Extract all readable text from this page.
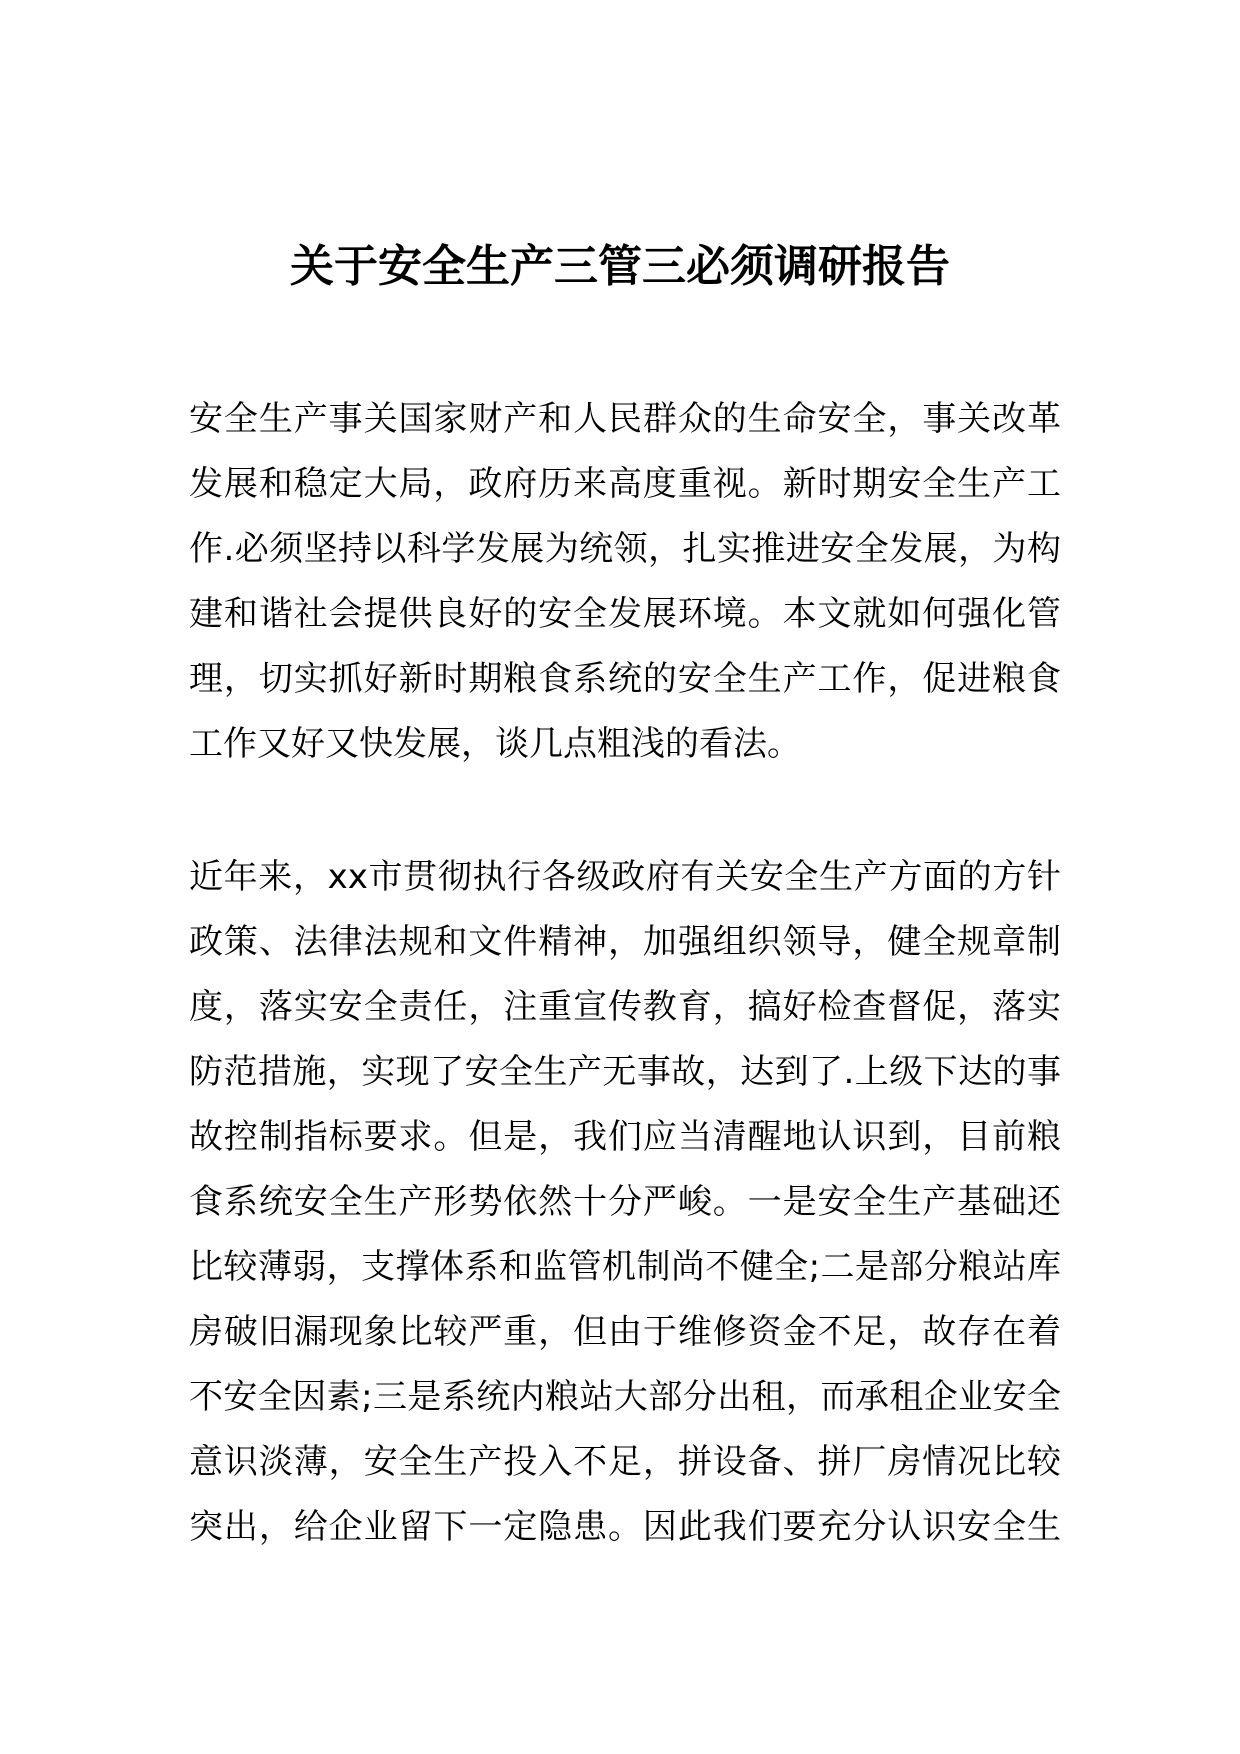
关于安全生产三管三必须调研报告
安全生产事关国家财产和人民群众的生命安全，事关改革
发展和稳定大局，政府历来高度重视。新时期安全生产工
作.必须坚持以科学发展为统领，扎实推进安全发展，为构
建和谐社会提供良好的安全发展环境。本文就如何强化管
理，切实抓好新时期粮食系统的安全生产工作，促进粮食
工作又好又快发展，谈几点粗浅的看法。
近年来，xx市贯彻执行各级政府有关安全生产方面的方针
政策、法律法规和文件精神，加强组织领导，健全规章制
度，落实安全责任，注重宣传教育，搞好检查督促，落实
防范措施，实现了安全生产无事故，达到了.上级下达的事
故控制指标要求。但是，我们应当清醒地认识到，目前粮
食系统安全生产形势依然十分严峻。一是安全生产基础还
比较薄弱，支撑体系和监管机制尚不健全;二是部分粮站库
房破旧漏现象比较严重，但由于维修资金不足，故存在着
不安全因素;三是系统内粮站大部分出租，而承租企业安全
意识淡薄，安全生产投入不足，拼设备、拼厂房情况比较
突出，给企业留下一定隐患。因此我们要充分认识安全生
